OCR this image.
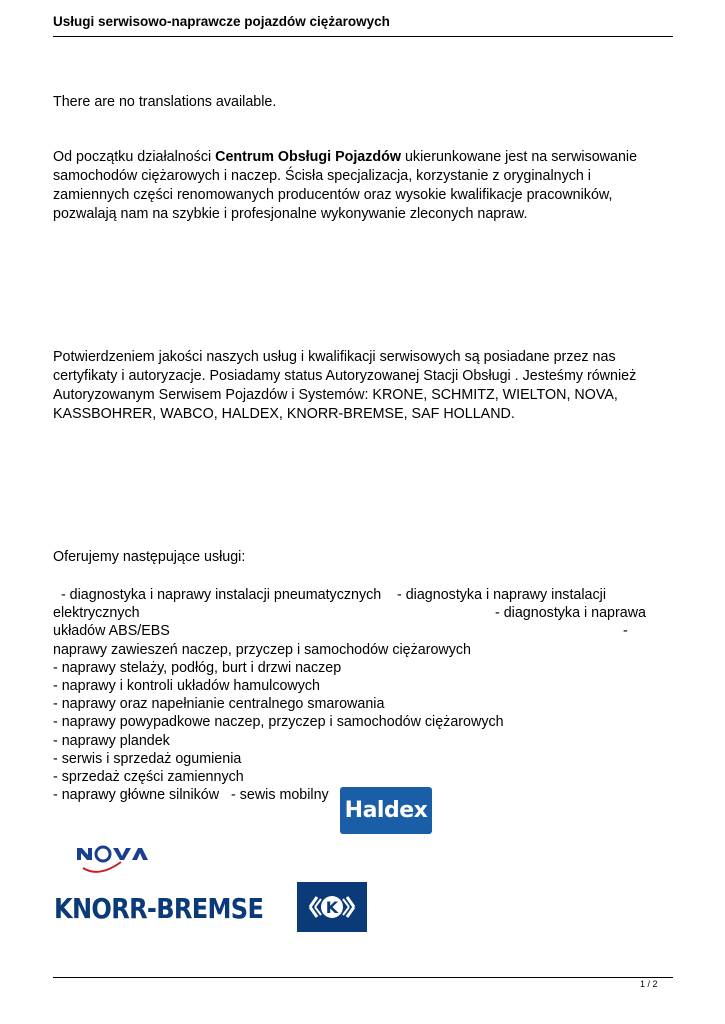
Usługi serwisowo-naprawcze pojazdów ciężarowych

There are no translations available.

Od początku działalności Centrum Obsługi Pojazdów ukierunkowane jest na serwisowanie samochodów ciężarowych i naczep. Ścisła specjalizacja, korzystanie z oryginalnych i zamiennych części renomowanych producentów oraz wysokie kwalifikacje pracowników, pozwalają nam na szybkie i profesjonalne wykonywanie zleconych napraw.

Potwierdzeniem jakości naszych usług i kwalifikacji serwisowych są posiadane przez nas certyfikaty i autoryzacje. Posiadamy status Autoryzowanej Stacji Obsługi . Jesteśmy również Autoryzowanym Serwisem Pojazdów i Systemów: KRONE, SCHMITZ, WIELTON, NOVA, KASSBOHRER, WABCO, HALDEX, KNORR-BREMSE, SAF HOLLAND.

Oferujemy następujące usługi:

- diagnostyka i naprawy instalacji pneumatycznych - diagnostyka i naprawy instalacji
elektrycznych	- diagnostyka i naprawa
układów ABS/EBS	-
naprawy zawieszeń naczep, przyczep i samochodów ciężarowych
- naprawy stelaży, podłóg, burt i drzwi naczep
- naprawy i kontroli układów hamulcowych
- naprawy oraz napełnianie centralnego smarowania
- naprawy powypadkowe naczep, przyczep i samochodów ciężarowych
- naprawy plandek
- serwis i sprzedaż ogumienia
- sprzedaż części zamiennych
- naprawy główne silników   - sewis mobilny
Haldex
KNORR-BREMSE	K
1 / 2
